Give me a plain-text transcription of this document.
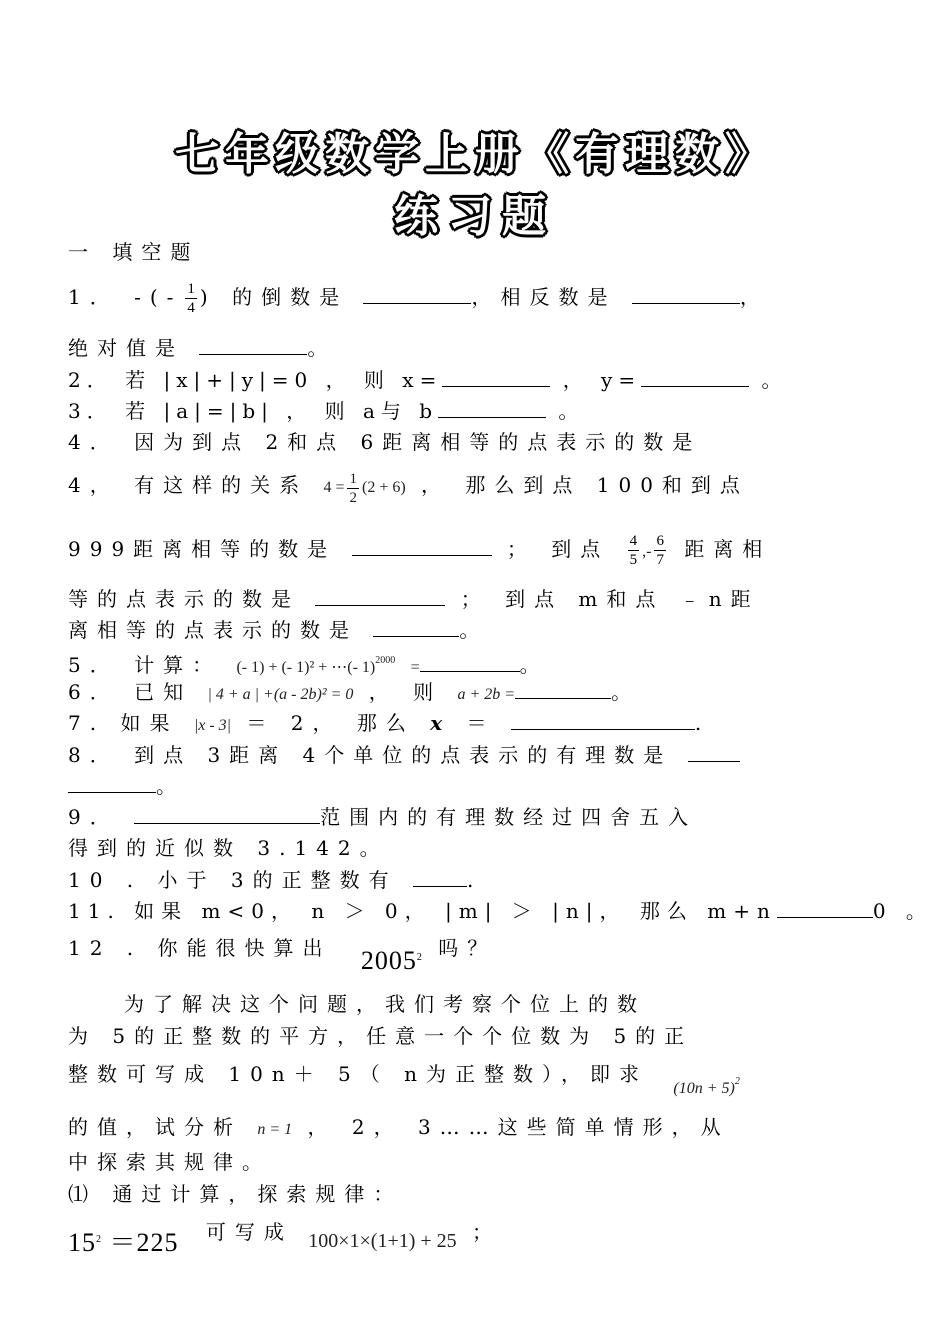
七年级数学上册《有理数》
练习题
一 填空题
1． -(- $\frac{1}{4}$ ) 的倒数是	，相反数是	，
绝对值是	。
2． 若 |x|+|y|=0 ， 则 x=	， y=	。
3． 若 |a|=|b| ， 则 a与 b	。
4． 因为到点 2和点 6距离相等的点表示的数是
4， 有这样的关系 $4 = \frac{1}{2} (2 + 6)$ ， 那么到点 100和到点
999距离相等的数是	； 到点 $\frac{4}{5}$ ,- $\frac{6}{7}$ 距离相
等的点表示的数是	； 到点 m和点 ﹣n距
离相等的点表示的数是	。
5． 计算： (- 1) + (- 1)² + ⋯(- 1)$^{2000}$ =	。
6． 已知 | 4 + a | +(a - 2b)² = 0 ， 则 a + 2b =	。
7. 如果 |x - 3| ＝ 2， 那么 x ＝	.
8． 到点 3距离 4个单位的点表示的有理数是
。
9．	范围内的有理数经过四舍五入
得到的近似数 3.142。
10 . 小于 3的正整数有	.
11. 如果 m<0， n ＞ 0， |m| ＞ |n|， 那么 m+n	0 。
12 . 你能很快算出 2005$^2$ 吗？
为了解决这个问题，我们考察个位上的数
为 5的正整数的平方，任意一个个位数为 5的正
整数可写成 10n＋ 5（ n为正整数），即求 $_{(10n + 5)^2}$
的值，试分析 n = 1 ， 2， 3……这些简单情形，从
中探索其规律。
⑴ 通过计算，探索规律：
$15^2 =225$ 可写成 100×1×(1+1) + 25 ；
